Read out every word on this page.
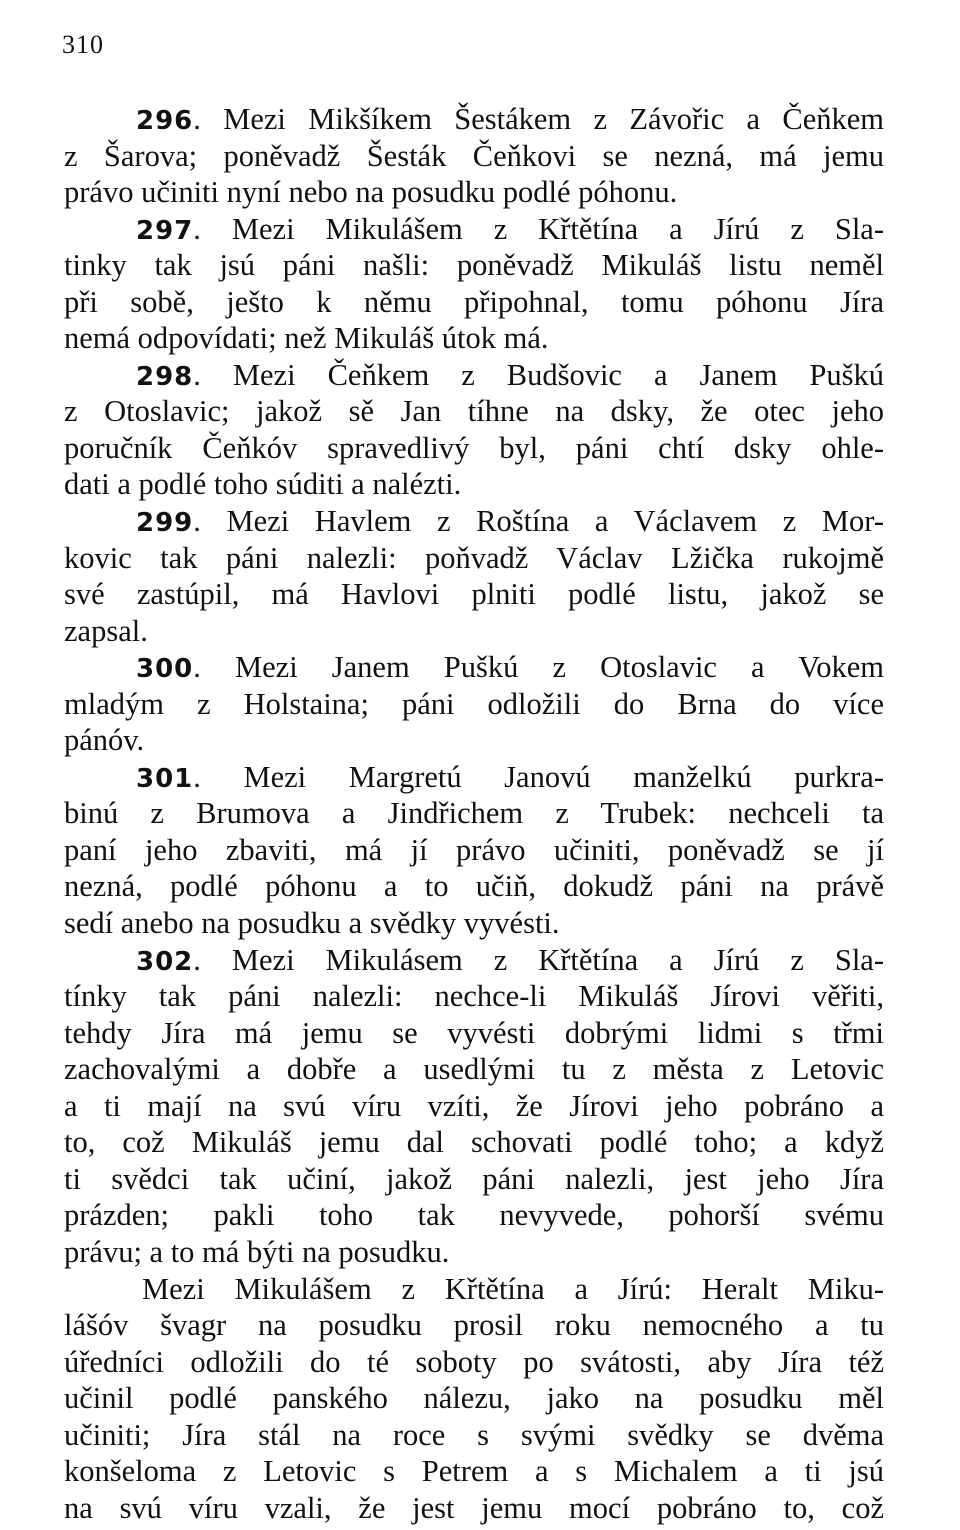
310
296. Mezi Mikšíkem Šestákem z Závořic a Čeňkem
z Šarova; poněvadž Šesták Čeňkovi se nezná, má jemu
právo učiniti nyní nebo na posudku podlé póhonu.
297. Mezi Mikulášem z Křtětína a Jírú z Sla-
tinky tak jsú páni našli: poněvadž Mikuláš listu neměl
při sobě, ješto k němu připohnal, tomu póhonu Jíra
nemá odpovídati; než Mikuláš útok má.
298. Mezi Čeňkem z Budšovic a Janem Puškú
z Otoslavic; jakož sě Jan tíhne na dsky, že otec jeho
poručník Čeňkóv spravedlivý byl, páni chtí dsky ohle-
dati a podlé toho súditi a nalézti.
299. Mezi Havlem z Roštína a Václavem z Mor-
kovic tak páni nalezli: poňvadž Václav Lžička rukojmě
své zastúpil, má Havlovi plniti podlé listu, jakož se
zapsal.
300. Mezi Janem Puškú z Otoslavic a Vokem
mladým z Holstaina; páni odložili do Brna do více
pánóv.
301. Mezi Margretú Janovú manželkú purkra-
binú z Brumova a Jindřichem z Trubek: nechceli ta
paní jeho zbaviti, má jí právo učiniti, poněvadž se jí
nezná, podlé póhonu a to učiň, dokudž páni na právě
sedí anebo na posudku a svědky vyvésti.
302. Mezi Mikulásem z Křtětína a Jírú z Sla-
tínky tak páni nalezli: nechce-li Mikuláš Jírovi věřiti,
tehdy Jíra má jemu se vyvésti dobrými lidmi s třmi
zachovalými a dobře a usedlými tu z města z Letovic
a ti mají na svú víru vzíti, že Jírovi jeho pobráno a
to, což Mikuláš jemu dal schovati podlé toho; a když
ti svědci tak učiní, jakož páni nalezli, jest jeho Jíra
prázden; pakli toho tak nevyvede, pohorší svému
právu; a to má býti na posudku.
Mezi Mikulášem z Křtětína a Jírú: Heralt Miku-
lášóv švagr na posudku prosil roku nemocného a tu
úředníci odložili do té soboty po svátosti, aby Jíra též
učinil podlé panského nálezu, jako na posudku měl
učiniti; Jíra stál na roce s svými svědky se dvěma
konšeloma z Letovic s Petrem a s Michalem a ti jsú
na svú víru vzali, že jest jemu mocí pobráno to, což
